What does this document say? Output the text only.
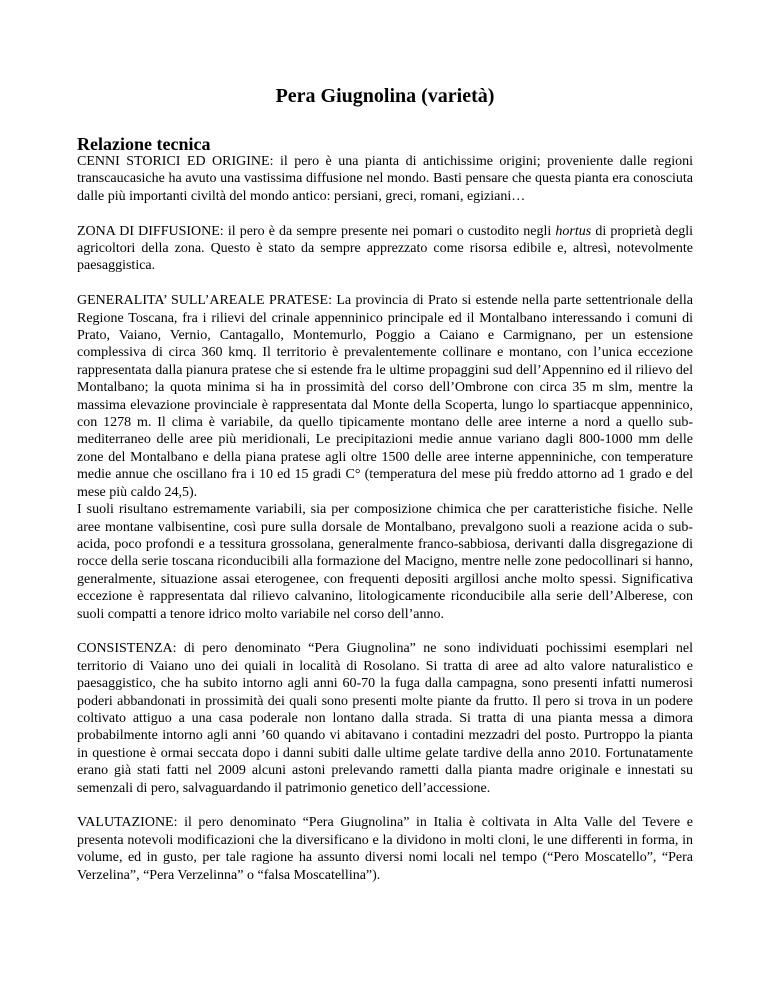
Pera Giugnolina (varietà)
Relazione tecnica

CENNI STORICI ED ORIGINE: il pero è una pianta di antichissime origini; proveniente dalle regioni transcaucasiche ha avuto una vastissima diffusione nel mondo. Basti pensare che questa pianta era conosciuta dalle più importanti civiltà del mondo antico: persiani, greci, romani, egiziani…

ZONA DI DIFFUSIONE: il pero è da sempre presente nei pomari o custodito negli hortus di proprietà degli agricoltori della zona. Questo è stato da sempre apprezzato come risorsa edibile e, altresì, notevolmente paesaggistica.

GENERALITA’ SULL’AREALE PRATESE: La provincia di Prato si estende nella parte settentrionale della Regione Toscana, fra i rilievi del crinale appenninico principale ed il Montalbano interessando i comuni di Prato, Vaiano, Vernio, Cantagallo, Montemurlo, Poggio a Caiano e Carmignano, per un estensione complessiva di circa 360 kmq. Il territorio è prevalentemente collinare e montano, con l’unica eccezione rappresentata dalla pianura pratese che si estende fra le ultime propaggini sud dell’Appennino ed il rilievo del Montalbano; la quota minima si ha in prossimità del corso dell’Ombrone con circa 35 m slm, mentre la massima elevazione provinciale è rappresentata dal Monte della Scoperta, lungo lo spartiacque appenninico, con 1278 m. Il clima è variabile, da quello tipicamente montano delle aree interne a nord a quello sub-mediterraneo delle aree più meridionali, Le precipitazioni medie annue variano dagli 800-1000 mm delle zone del Montalbano e della piana pratese agli oltre 1500 delle aree interne appenniniche, con temperature medie annue che oscillano fra i 10 ed 15 gradi C° (temperatura del mese più freddo attorno ad 1 grado e del mese più caldo 24,5).

I suoli risultano estremamente variabili, sia per composizione chimica che per caratteristiche fisiche. Nelle aree montane valbisentine, così pure sulla dorsale de Montalbano, prevalgono suoli a reazione acida o sub-acida, poco profondi e a tessitura grossolana, generalmente franco-sabbiosa, derivanti dalla disgregazione di rocce della serie toscana riconducibili alla formazione del Macigno, mentre nelle zone pedocollinari si hanno, generalmente, situazione assai eterogenee, con frequenti depositi argillosi anche molto spessi. Significativa eccezione è rappresentata dal rilievo calvanino, litologicamente riconducibile alla serie dell’Alberese, con suoli compatti a tenore idrico molto variabile nel corso dell’anno.

CONSISTENZA: di pero denominato “Pera Giugnolina” ne sono individuati pochissimi esemplari nel territorio di Vaiano uno dei quiali in località di Rosolano. Si tratta di aree ad alto valore naturalistico e paesaggistico, che ha subito intorno agli anni 60-70 la fuga dalla campagna, sono presenti infatti numerosi poderi abbandonati in prossimità dei quali sono presenti molte piante da frutto. Il pero si trova in un podere coltivato attiguo a una casa poderale non lontano dalla strada. Si tratta di una pianta messa a dimora probabilmente intorno agli anni ’60 quando vi abitavano i contadini mezzadri del posto. Purtroppo la pianta in questione è ormai seccata dopo i danni subiti dalle ultime gelate tardive della anno 2010. Fortunatamente erano già stati fatti nel 2009 alcuni astoni prelevando rametti dalla pianta madre originale e innestati su semenzali di pero, salvaguardando il patrimonio genetico dell’accessione.

VALUTAZIONE: il pero denominato “Pera Giugnolina” in Italia è coltivata in Alta Valle del Tevere e presenta notevoli modificazioni che la diversificano e la dividono in molti cloni, le une differenti in forma, in volume, ed in gusto, per tale ragione ha assunto diversi nomi locali nel tempo (“Pero Moscatello”, “Pera Verzelina”, “Pera Verzelinna” o “falsa Moscatellina”).
